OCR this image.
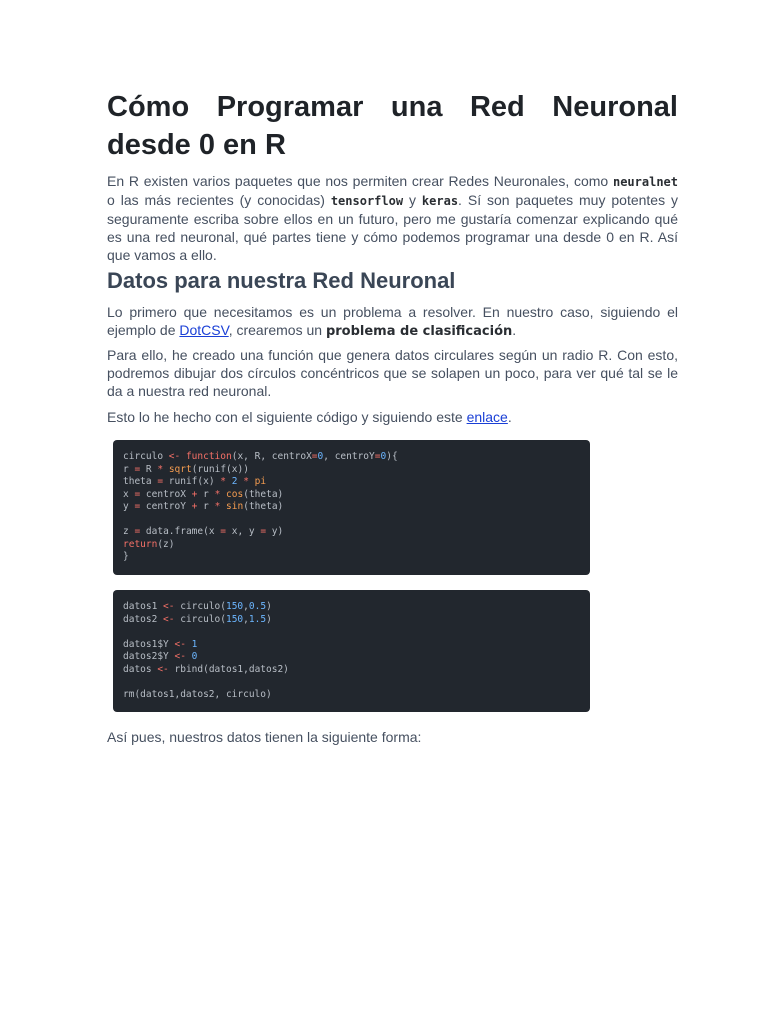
Cómo Programar una Red Neuronal desde 0 en R

En R existen varios paquetes que nos permiten crear Redes Neuronales, como neuralnet o las más recientes (y conocidas) tensorflow y keras. Sí son paquetes muy potentes y seguramente escriba sobre ellos en un futuro, pero me gustaría comenzar explicando qué es una red neuronal, qué partes tiene y cómo podemos programar una desde 0 en R. Así que vamos a ello.

Datos para nuestra Red Neuronal

Lo primero que necesitamos es un problema a resolver. En nuestro caso, siguiendo el ejemplo de DotCSV, crearemos un problema de clasificación.

Para ello, he creado una función que genera datos circulares según un radio R. Con esto, podremos dibujar dos círculos concéntricos que se solapen un poco, para ver qué tal se le da a nuestra red neuronal.

Esto lo he hecho con el siguiente código y siguiendo este enlace.

circulo <- function(x, R, centroX=0, centroY=0){
r = R * sqrt(runif(x))
theta = runif(x) * 2 * pi
x = centroX + r * cos(theta)
y = centroY + r * sin(theta)
z = data.frame(x = x, y = y)
return(z)
}
datos1 <- circulo(150,0.5)
datos2 <- circulo(150,1.5)
datos1$Y <- 1
datos2$Y <- 0
datos <- rbind(datos1,datos2)
rm(datos1,datos2, circulo)

Así pues, nuestros datos tienen la siguiente forma:
